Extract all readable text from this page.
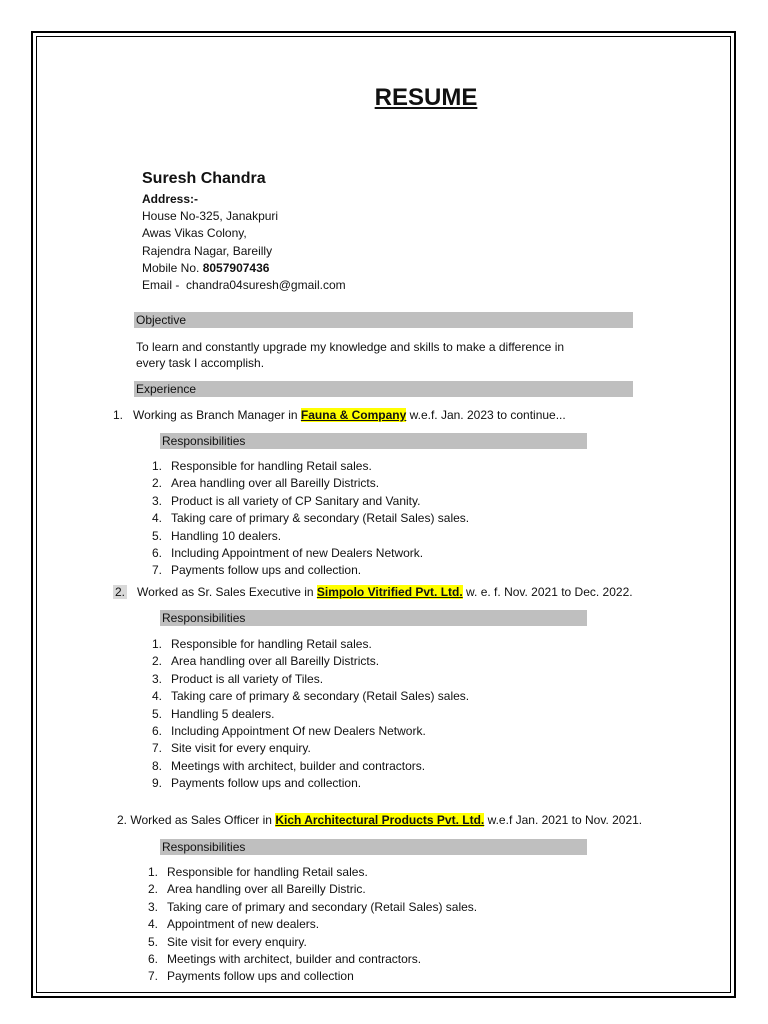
RESUME
Suresh Chandra
Address:-
House No-325, Janakpuri
Awas Vikas Colony,
Rajendra Nagar, Bareilly
Mobile No. 8057907436
Email - chandra04suresh@gmail.com
Objective
To learn and constantly upgrade my knowledge and skills to make a difference in
every task I accomplish.
Experience
1. Working as Branch Manager in Fauna & Company w.e.f. Jan. 2023 to continue...
Responsibilities
1. Responsible for handling Retail sales.
2. Area handling over all Bareilly Districts.
3. Product is all variety of CP Sanitary and Vanity.
4. Taking care of primary & secondary (Retail Sales) sales.
5. Handling 10 dealers.
6. Including Appointment of new Dealers Network.
7. Payments follow ups and collection.
2. Worked as Sr. Sales Executive in Simpolo Vitrified Pvt. Ltd. w. e. f. Nov. 2021 to Dec. 2022.
Responsibilities
1. Responsible for handling Retail sales.
2. Area handling over all Bareilly Districts.
3. Product is all variety of Tiles.
4. Taking care of primary & secondary (Retail Sales) sales.
5. Handling 5 dealers.
6. Including Appointment Of new Dealers Network.
7. Site visit for every enquiry.
8. Meetings with architect, builder and contractors.
9. Payments follow ups and collection.
2. Worked as Sales Officer in Kich Architectural Products Pvt. Ltd. w.e.f Jan. 2021 to Nov. 2021.
Responsibilities
1. Responsible for handling Retail sales.
2. Area handling over all Bareilly Distric.
3. Taking care of primary and secondary (Retail Sales) sales.
4. Appointment of new dealers.
5. Site visit for every enquiry.
6. Meetings with architect, builder and contractors.
7. Payments follow ups and collection
